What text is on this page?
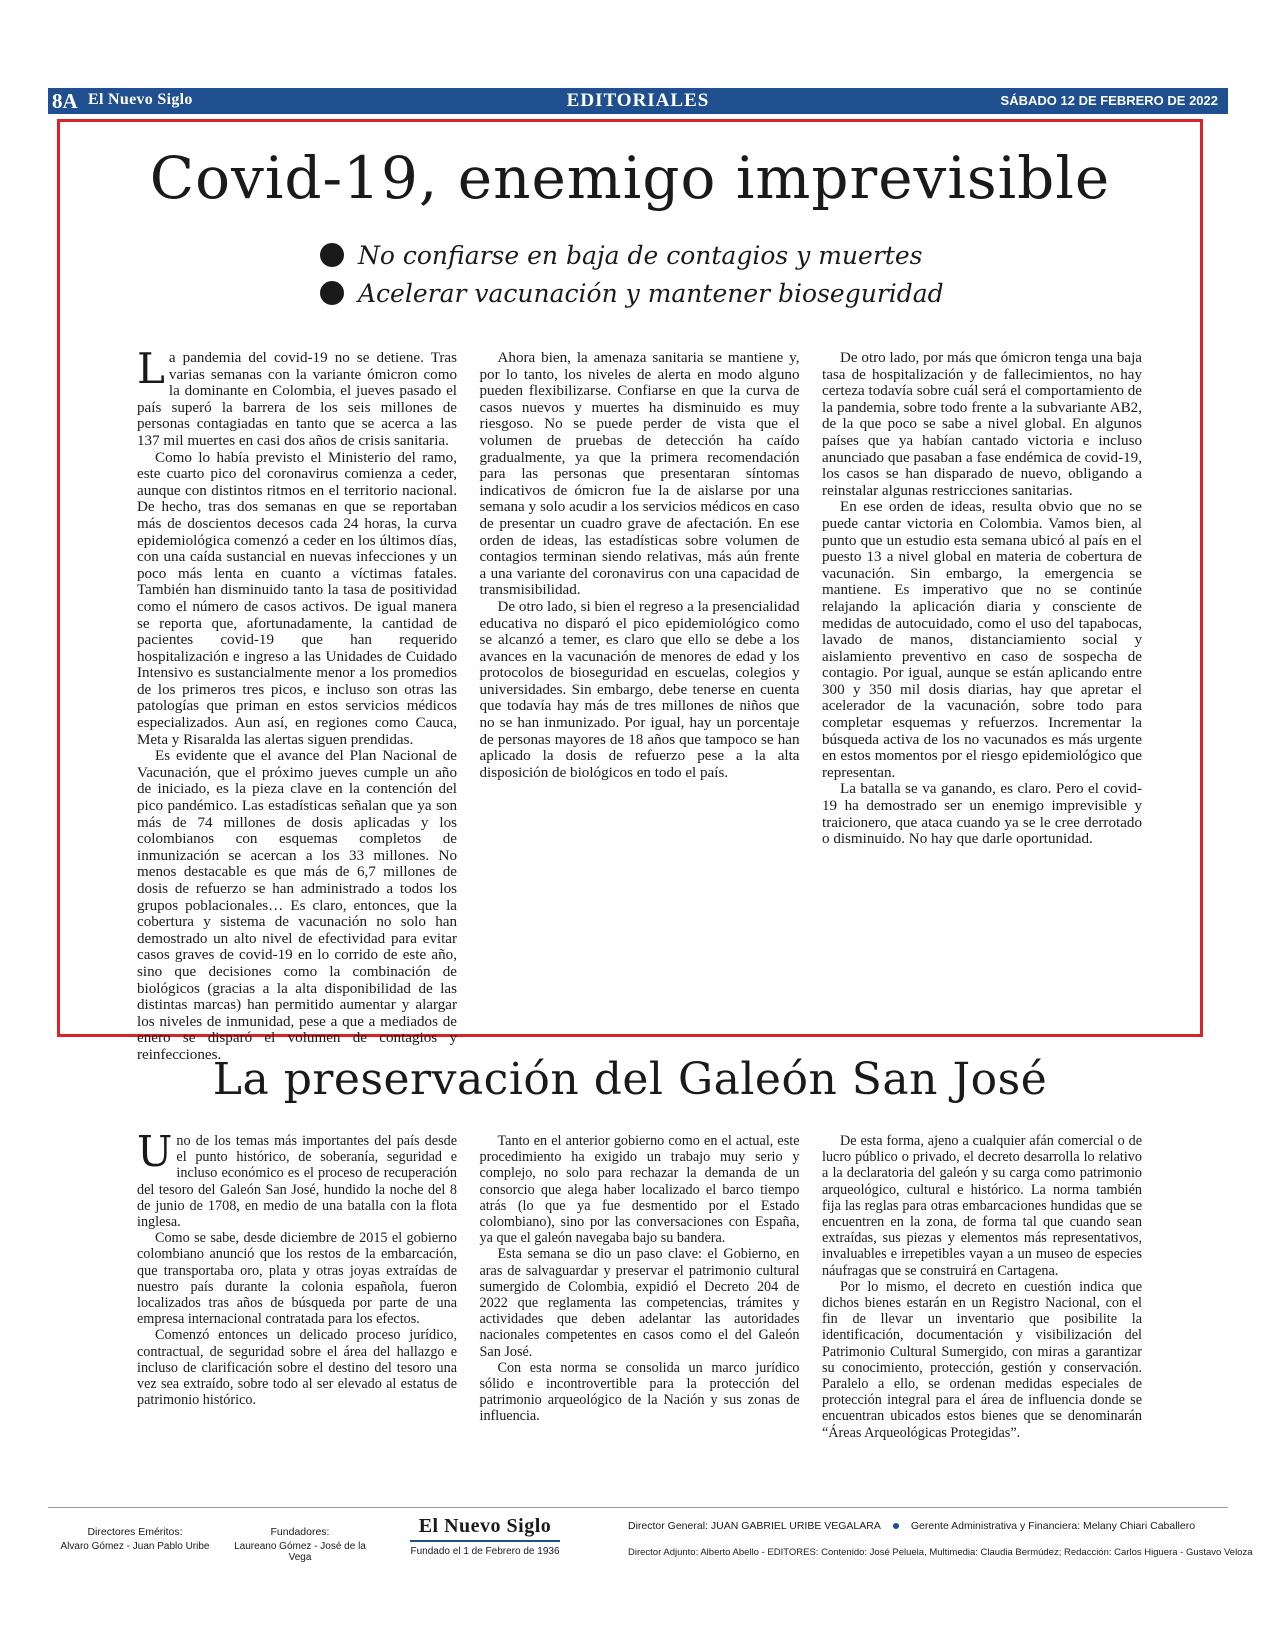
8A El Nuevo Siglo	EDITORIALES	SÁBADO 12 DE FEBRERO DE 2022
Covid-19, enemigo imprevisible
No confiarse en baja de contagios y muertes
Acelerar vacunación y mantener bioseguridad

La pandemia del covid-19 no se detiene. Tras varias semanas con la variante ómicron como la dominante en Colombia, el jueves pasado el país superó la barrera de los seis millones de personas contagiadas en tanto que se acerca a las 137 mil muertes en casi dos años de crisis sanitaria.

Como lo había previsto el Ministerio del ramo, este cuarto pico del coronavirus comienza a ceder, aunque con distintos ritmos en el territorio nacional. De hecho, tras dos semanas en que se reportaban más de doscientos decesos cada 24 horas, la curva epidemiológica comenzó a ceder en los últimos días, con una caída sustancial en nuevas infecciones y un poco más lenta en cuanto a víctimas fatales. También han disminuido tanto la tasa de positividad como el número de casos activos. De igual manera se reporta que, afortunadamente, la cantidad de pacientes covid-19 que han requerido hospitalización e ingreso a las Unidades de Cuidado Intensivo es sustancialmente menor a los promedios de los primeros tres picos, e incluso son otras las patologías que priman en estos servicios médicos especializados. Aun así, en regiones como Cauca, Meta y Risaralda las alertas siguen prendidas.

Es evidente que el avance del Plan Nacional de Vacunación, que el próximo jueves cumple un año de iniciado, es la pieza clave en la contención del pico pandémico. Las estadísticas señalan que ya son más de 74 millones de dosis aplicadas y los colombianos con esquemas completos de inmunización se acercan a los 33 millones. No menos destacable es que más de 6,7 millones de dosis de refuerzo se han administrado a todos los grupos poblacionales… Es claro, entonces, que la cobertura y sistema de vacunación no solo han demostrado un alto nivel de efectividad para evitar casos graves de covid-19 en lo corrido de este año, sino que decisiones como la combinación de biológicos (gracias a la alta disponibilidad de las distintas marcas) han permitido aumentar y alargar los niveles de inmunidad, pese a que a mediados de enero se disparó el volumen de contagios y reinfecciones.

Ahora bien, la amenaza sanitaria se mantiene y, por lo tanto, los niveles de alerta en modo alguno pueden flexibilizarse. Confiarse en que la curva de casos nuevos y muertes ha disminuido es muy riesgoso. No se puede perder de vista que el volumen de pruebas de detección ha caído gradualmente, ya que la primera recomendación para las personas que presentaran síntomas indicativos de ómicron fue la de aislarse por una semana y solo acudir a los servicios médicos en caso de presentar un cuadro grave de afectación. En ese orden de ideas, las estadísticas sobre volumen de contagios terminan siendo relativas, más aún frente a una variante del coronavirus con una capacidad de transmisibilidad.

De otro lado, si bien el regreso a la presencialidad educativa no disparó el pico epidemiológico como se alcanzó a temer, es claro que ello se debe a los avances en la vacunación de menores de edad y los protocolos de bioseguridad en escuelas, colegios y universidades. Sin embargo, debe tenerse en cuenta que todavía hay más de tres millones de niños que no se han inmunizado. Por igual, hay un porcentaje de personas mayores de 18 años que tampoco se han aplicado la dosis de refuerzo pese a la alta disposición de biológicos en todo el país.

De otro lado, por más que ómicron tenga una baja tasa de hospitalización y de fallecimientos, no hay certeza todavía sobre cuál será el comportamiento de la pandemia, sobre todo frente a la subvariante AB2, de la que poco se sabe a nivel global. En algunos países que ya habían cantado victoria e incluso anunciado que pasaban a fase endémica de covid-19, los casos se han disparado de nuevo, obligando a reinstalar algunas restricciones sanitarias.

En ese orden de ideas, resulta obvio que no se puede cantar victoria en Colombia. Vamos bien, al punto que un estudio esta semana ubicó al país en el puesto 13 a nivel global en materia de cobertura de vacunación. Sin embargo, la emergencia se mantiene. Es imperativo que no se continúe relajando la aplicación diaria y consciente de medidas de autocuidado, como el uso del tapabocas, lavado de manos, distanciamiento social y aislamiento preventivo en caso de sospecha de contagio. Por igual, aunque se están aplicando entre 300 y 350 mil dosis diarias, hay que apretar el acelerador de la vacunación, sobre todo para completar esquemas y refuerzos. Incrementar la búsqueda activa de los no vacunados es más urgente en estos momentos por el riesgo epidemiológico que representan.

La batalla se va ganando, es claro. Pero el covid-19 ha demostrado ser un enemigo imprevisible y traicionero, que ataca cuando ya se le cree derrotado o disminuido. No hay que darle oportunidad.

La preservación del Galeón San José

Uno de los temas más importantes del país desde el punto histórico, de soberanía, seguridad e incluso económico es el proceso de recuperación del tesoro del Galeón San José, hundido la noche del 8 de junio de 1708, en medio de una batalla con la flota inglesa.

Como se sabe, desde diciembre de 2015 el gobierno colombiano anunció que los restos de la embarcación, que transportaba oro, plata y otras joyas extraídas de nuestro país durante la colonia española, fueron localizados tras años de búsqueda por parte de una empresa internacional contratada para los efectos.

Comenzó entonces un delicado proceso jurídico, contractual, de seguridad sobre el área del hallazgo e incluso de clarificación sobre el destino del tesoro una vez sea extraído, sobre todo al ser elevado al estatus de patrimonio histórico.

Tanto en el anterior gobierno como en el actual, este procedimiento ha exigido un trabajo muy serio y complejo, no solo para rechazar la demanda de un consorcio que alega haber localizado el barco tiempo atrás (lo que ya fue desmentido por el Estado colombiano), sino por las conversaciones con España, ya que el galeón navegaba bajo su bandera.

Esta semana se dio un paso clave: el Gobierno, en aras de salvaguardar y preservar el patrimonio cultural sumergido de Colombia, expidió el Decreto 204 de 2022 que reglamenta las competencias, trámites y actividades que deben adelantar las autoridades nacionales competentes en casos como el del Galeón San José.

Con esta norma se consolida un marco jurídico sólido e incontrovertible para la protección del patrimonio arqueológico de la Nación y sus zonas de influencia.

De esta forma, ajeno a cualquier afán comercial o de lucro público o privado, el decreto desarrolla lo relativo a la declaratoria del galeón y su carga como patrimonio arqueológico, cultural e histórico. La norma también fija las reglas para otras embarcaciones hundidas que se encuentren en la zona, de forma tal que cuando sean extraídas, sus piezas y elementos más representativos, invaluables e irrepetibles vayan a un museo de especies náufragas que se construirá en Cartagena.

Por lo mismo, el decreto en cuestión indica que dichos bienes estarán en un Registro Nacional, con el fin de llevar un inventario que posibilite la identificación, documentación y visibilización del Patrimonio Cultural Sumergido, con miras a garantizar su conocimiento, protección, gestión y conservación. Paralelo a ello, se ordenan medidas especiales de protección integral para el área de influencia donde se encuentran ubicados estos bienes que se denominarán “Áreas Arqueológicas Protegidas”.

Directores Eméritos:
Alvaro Gómez - Juan Pablo Uribe
Fundadores:
Laureano Gómez - José de la Vega
El Nuevo Siglo
Fundado el 1 de Febrero de 1936
Director General: JUAN GABRIEL URIBE VEGALARA	Gerente Administrativa y Financiera: Melany Chiari Caballero
Director Adjunto: Alberto Abello - EDITORES: Contenido: José Peluela, Multimedia: Claudia Bermúdez; Redacción: Carlos Higuera - Gustavo Veloza
